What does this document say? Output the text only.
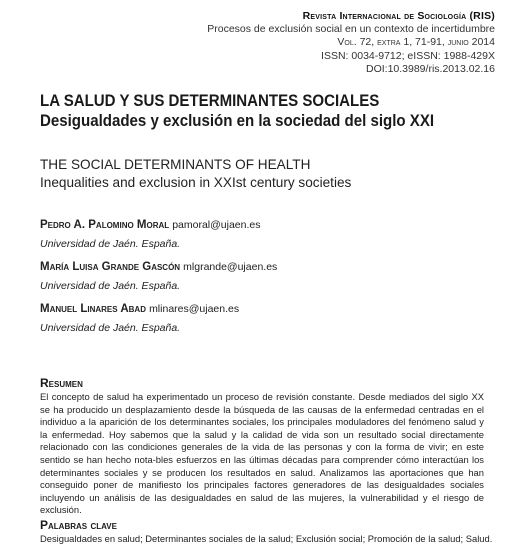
Revista Internacional de Sociología (RIS)
Procesos de exclusión social en un contexto de incertidumbre
Vol. 72, extra 1, 71-91, junio 2014
ISSN: 0034-9712; eISSN: 1988-429X
DOI:10.3989/ris.2013.02.16
LA SALUD Y SUS DETERMINANTES SOCIALES
Desigualdades y exclusión en la sociedad del siglo XXI
THE SOCIAL DETERMINANTS OF HEALTH
Inequalities and exclusion in XXIst century societies
Pedro A. Palomino Moral pamoral@ujaen.es
Universidad de Jaén. España.
María Luisa Grande Gascón mlgrande@ujaen.es
Universidad de Jaén. España.
Manuel Linares Abad mlinares@ujaen.es
Universidad de Jaén. España.
Resumen
El concepto de salud ha experimentado un proceso de revisión constante. Desde mediados del siglo XX se ha producido un desplazamiento desde la búsqueda de las causas de la enfermedad centradas en el individuo a la aparición de los determinantes sociales, los principales moduladores del fenómeno salud y la enfermedad. Hoy sabemos que la salud y la calidad de vida son un resultado social directamente relacionado con las condiciones generales de la vida de las personas y con la forma de vivir; en este sentido se han hecho nota-bles esfuerzos en las últimas décadas para comprender cómo interactúan los determinantes sociales y se producen los resultados en salud. Analizamos las aportaciones que han conseguido poner de manifiesto los principales factores generadores de las desigualdades sociales incluyendo un análisis de las desigualdades en salud de las mujeres, la vulnerabilidad y el riesgo de exclusión.
Palabras clave
Desigualdades en salud; Determinantes sociales de la salud; Exclusión social; Promoción de la salud; Salud.
